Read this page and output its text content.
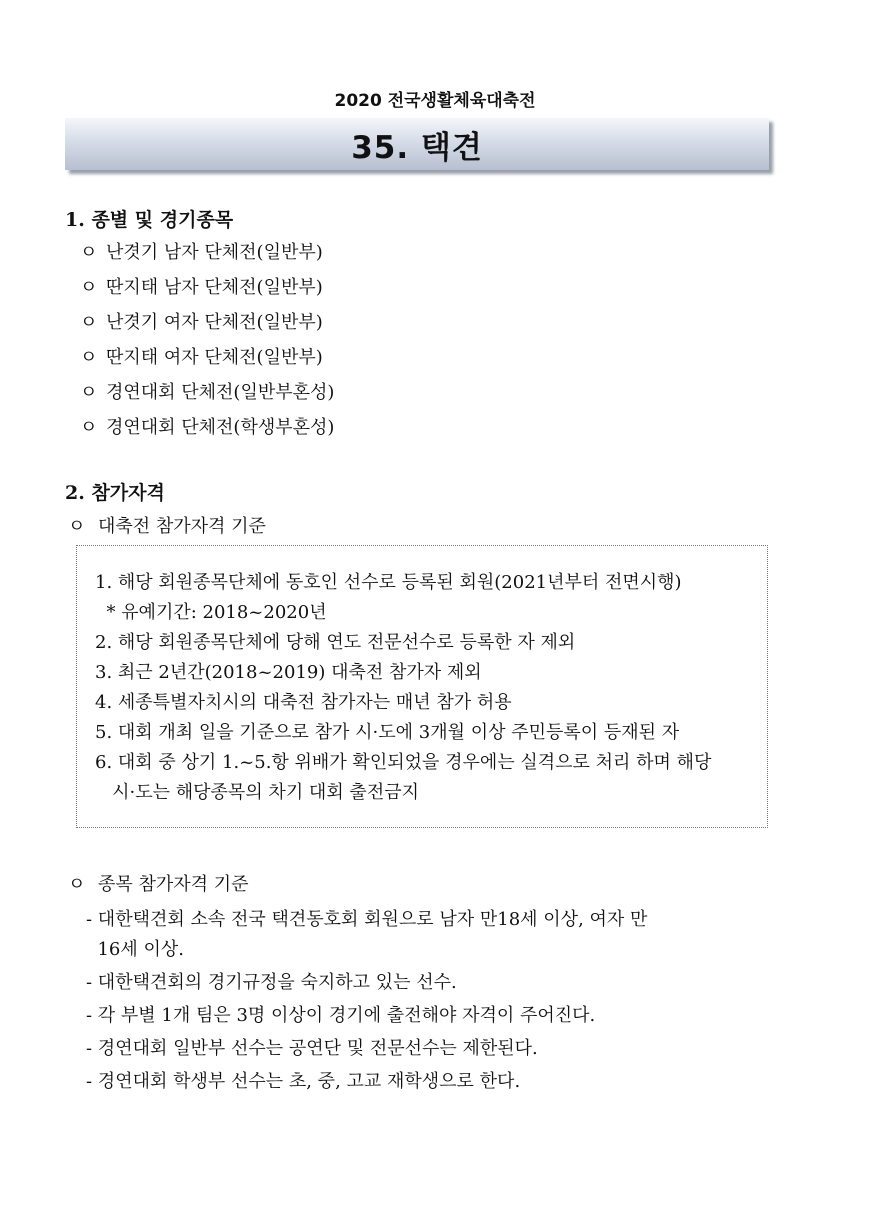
2020 전국생활체육대축전
35. 택견
1. 종별 및 경기종목
ㅇ 난겻기 남자 단체전(일반부)
ㅇ 딴지태 남자 단체전(일반부)
ㅇ 난겻기 여자 단체전(일반부)
ㅇ 딴지태 여자 단체전(일반부)
ㅇ 경연대회 단체전(일반부혼성)
ㅇ 경연대회 단체전(학생부혼성)
2. 참가자격
ㅇ 대축전 참가자격 기준
1. 해당 회원종목단체에 동호인 선수로 등록된 회원(2021년부터 전면시행)
* 유예기간: 2018~2020년
2. 해당 회원종목단체에 당해 연도 전문선수로 등록한 자 제외
3. 최근 2년간(2018~2019) 대축전 참가자 제외
4. 세종특별자치시의 대축전 참가자는 매년 참가 허용
5. 대회 개최 일을 기준으로 참가 시·도에 3개월 이상 주민등록이 등재된 자
6. 대회 중 상기 1.~5.항 위배가 확인되었을 경우에는 실격으로 처리 하며 해당
시·도는 해당종목의 차기 대회 출전금지
ㅇ 종목 참가자격 기준
- 대한택견회 소속 전국 택견동호회 회원으로 남자 만18세 이상, 여자 만
16세 이상.
- 대한택견회의 경기규정을 숙지하고 있는 선수.
- 각 부별 1개 팀은 3명 이상이 경기에 출전해야 자격이 주어진다.
- 경연대회 일반부 선수는 공연단 및 전문선수는 제한된다.
- 경연대회 학생부 선수는 초, 중, 고교 재학생으로 한다.
